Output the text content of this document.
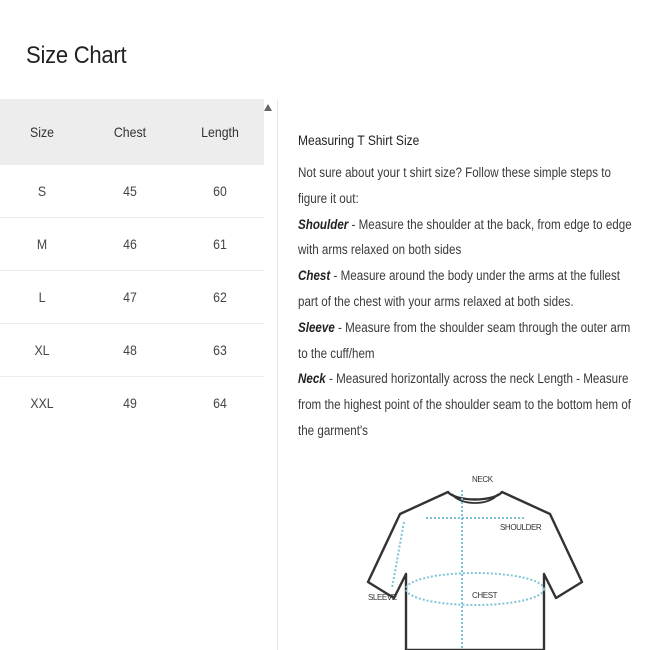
Size Chart
Size	Chest	Length
S	45	60
M	46	61
L	47	62
XL	48	63
XXL	49	64

Measuring T Shirt Size

Not sure about your t shirt size? Follow these simple steps to figure it out:

Shoulder - Measure the shoulder at the back, from edge to edge with arms relaxed on both sides

Chest - Measure around the body under the arms at the fullest part of the chest with your arms relaxed at both sides.

Sleeve - Measure from the shoulder seam through the outer arm to the cuff/hem

Neck - Measured horizontally across the neck Length - Measure from the highest point of the shoulder seam to the bottom hem of the garment's

NECK
SHOULDER
CHEST
SLEEVE
